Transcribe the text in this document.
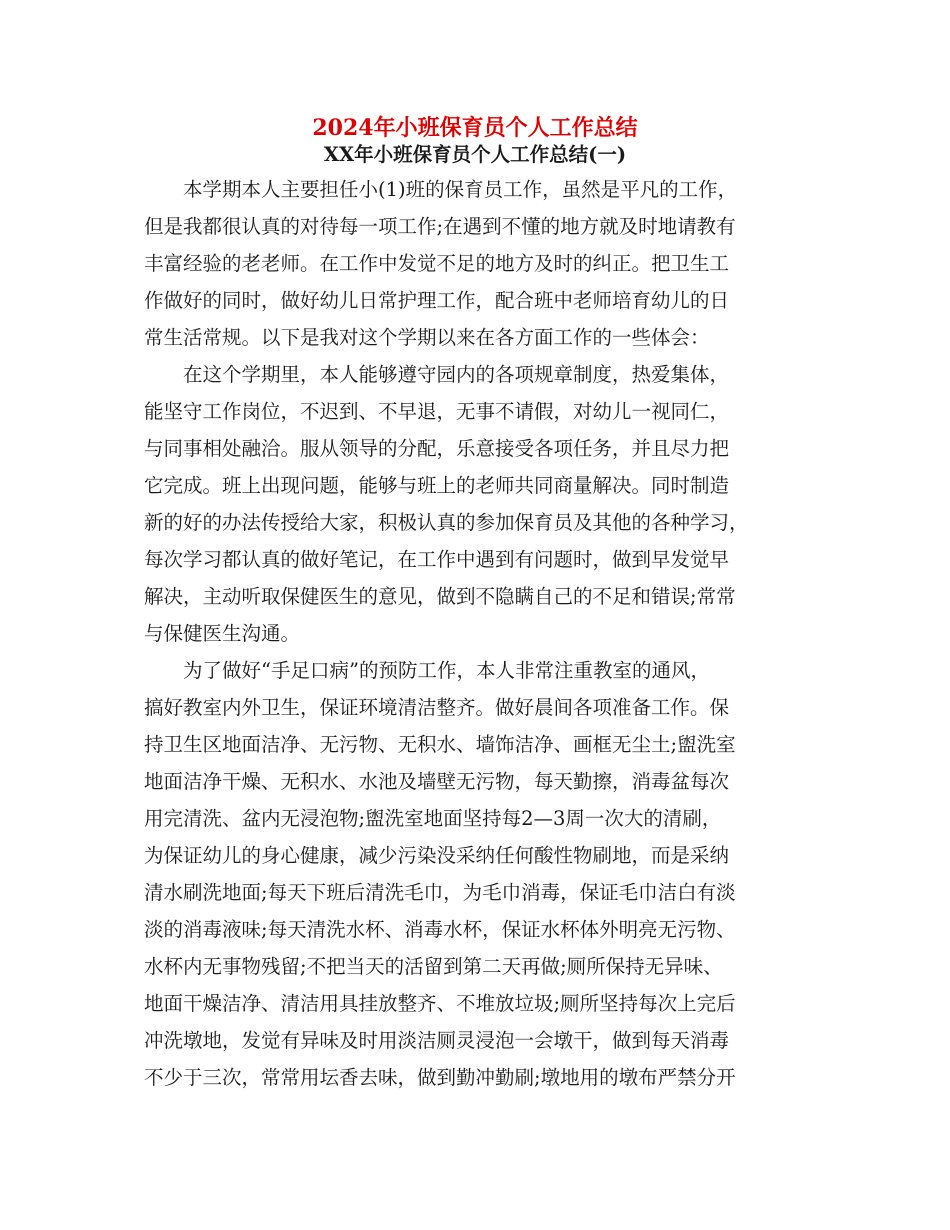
2024年小班保育员个人工作总结
XX年小班保育员个人工作总结(一)

本学期本人主要担任小(1)班的保育员工作，虽然是平凡的工作，

但是我都很认真的对待每一项工作;在遇到不懂的地方就及时地请教有

丰富经验的老老师。在工作中发觉不足的地方及时的纠正。把卫生工

作做好的同时，做好幼儿日常护理工作，配合班中老师培育幼儿的日

常生活常规。以下是我对这个学期以来在各方面工作的一些体会：

在这个学期里，本人能够遵守园内的各项规章制度，热爱集体，

能坚守工作岗位，不迟到、不早退，无事不请假，对幼儿一视同仁，

与同事相处融洽。服从领导的分配，乐意接受各项任务，并且尽力把

它完成。班上出现问题，能够与班上的老师共同商量解决。同时制造

新的好的办法传授给大家，积极认真的参加保育员及其他的各种学习，

每次学习都认真的做好笔记，在工作中遇到有问题时，做到早发觉早

解决，主动听取保健医生的意见，做到不隐瞒自己的不足和错误;常常

与保健医生沟通。

为了做好“手足口病”的预防工作，本人非常注重教室的通风，

搞好教室内外卫生，保证环境清洁整齐。做好晨间各项准备工作。保

持卫生区地面洁净、无污物、无积水、墙饰洁净、画框无尘土;盥洗室

地面洁净干燥、无积水、水池及墙壁无污物，每天勤擦，消毒盆每次

用完清洗、盆内无浸泡物;盥洗室地面坚持每2—3周一次大的清刷，

为保证幼儿的身心健康，减少污染没采纳任何酸性物刷地，而是采纳

清水刷洗地面;每天下班后清洗毛巾，为毛巾消毒，保证毛巾洁白有淡

淡的消毒液味;每天清洗水杯、消毒水杯，保证水杯体外明亮无污物、

水杯内无事物残留;不把当天的活留到第二天再做;厕所保持无异味、

地面干燥洁净、清洁用具挂放整齐、不堆放垃圾;厕所坚持每次上完后

冲洗墩地，发觉有异味及时用淡洁厕灵浸泡一会墩干，做到每天消毒

不少于三次，常常用坛香去味，做到勤冲勤刷;墩地用的墩布严禁分开
